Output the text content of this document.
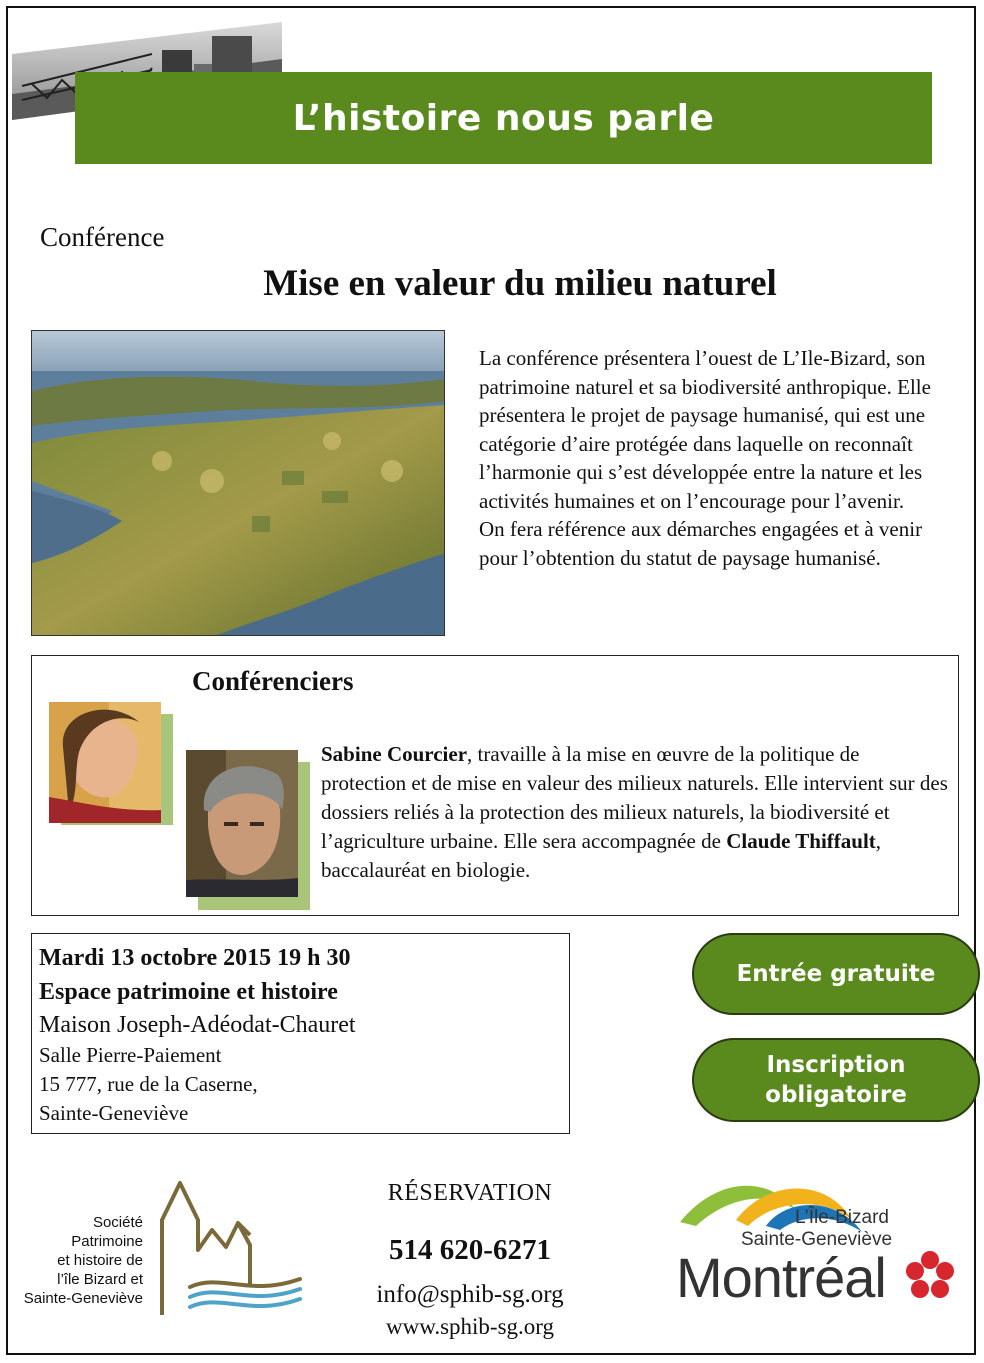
L’histoire nous parle
Conférence
Mise en valeur du milieu naturel
La conférence présentera l’ouest de L’Ile-Bizard, son patrimoine naturel et sa biodiversité anthropique. Elle présentera le projet de paysage humanisé, qui est une catégorie d’aire protégée dans laquelle on reconnaît l’harmonie qui s’est développée entre la nature et les activités humaines et on l’encourage pour l’avenir. On fera référence aux démarches engagées et à venir pour l’obtention du statut de paysage humanisé.
Conférenciers
Sabine Courcier, travaille à la mise en œuvre de la politique de protection et de mise en valeur des milieux naturels. Elle intervient sur des dossiers reliés à la protection des milieux naturels, la biodiversité et l’agriculture urbaine. Elle sera accompagnée de Claude Thiffault, baccalauréat en biologie.
Mardi 13 octobre 2015 19 h 30
Espace patrimoine et histoire
Maison Joseph-Adéodat-Chauret
Salle Pierre-Paiement
15 777, rue de la Caserne,
Sainte-Geneviève
Entrée gratuite
Inscription
obligatoire
Société
Patrimoine
et histoire de
l’île Bizard et
Sainte-Geneviève
RÉSERVATION
514 620-6271
info@sphib-sg.org
www.sphib-sg.org
L’Île-Bizard
Sainte-Geneviève
Montréal
